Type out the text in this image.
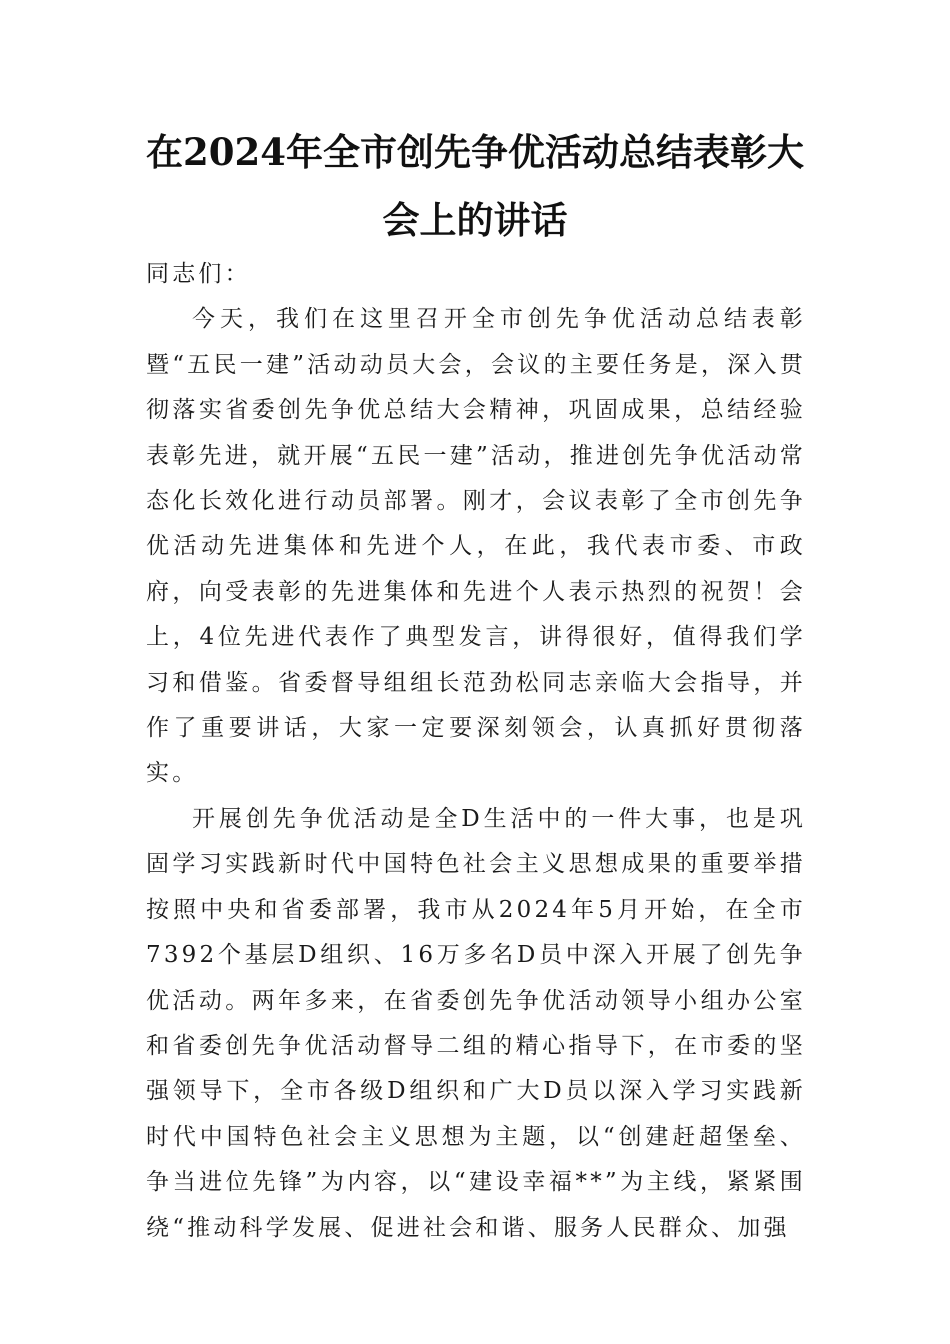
在2024年全市创先争优活动总结表彰大会上的讲话

同志们：

今天，我们在这里召开全市创先争优活动总结表彰暨“五民一建”活动动员大会，会议的主要任务是，深入贯彻落实省委创先争优总结大会精神，巩固成果，总结经验表彰先进，就开展“五民一建”活动，推进创先争优活动常态化长效化进行动员部署。刚才，会议表彰了全市创先争优活动先进集体和先进个人，在此，我代表市委、市政府，向受表彰的先进集体和先进个人表示热烈的祝贺！会上，4位先进代表作了典型发言，讲得很好，值得我们学习和借鉴。省委督导组组长范劲松同志亲临大会指导，并作了重要讲话，大家一定要深刻领会，认真抓好贯彻落实。

开展创先争优活动是全D生活中的一件大事，也是巩固学习实践新时代中国特色社会主义思想成果的重要举措按照中央和省委部署，我市从2024年5月开始，在全市7392个基层D组织、16万多名D员中深入开展了创先争优活动。两年多来，在省委创先争优活动领导小组办公室和省委创先争优活动督导二组的精心指导下，在市委的坚强领导下，全市各级D组织和广大D员以深入学习实践新时代中国特色社会主义思想为主题，以“创建赶超堡垒、争当进位先锋”为内容，以“建设幸福**”为主线，紧紧围绕“推动科学发展、促进社会和谐、服务人民群众、加强
